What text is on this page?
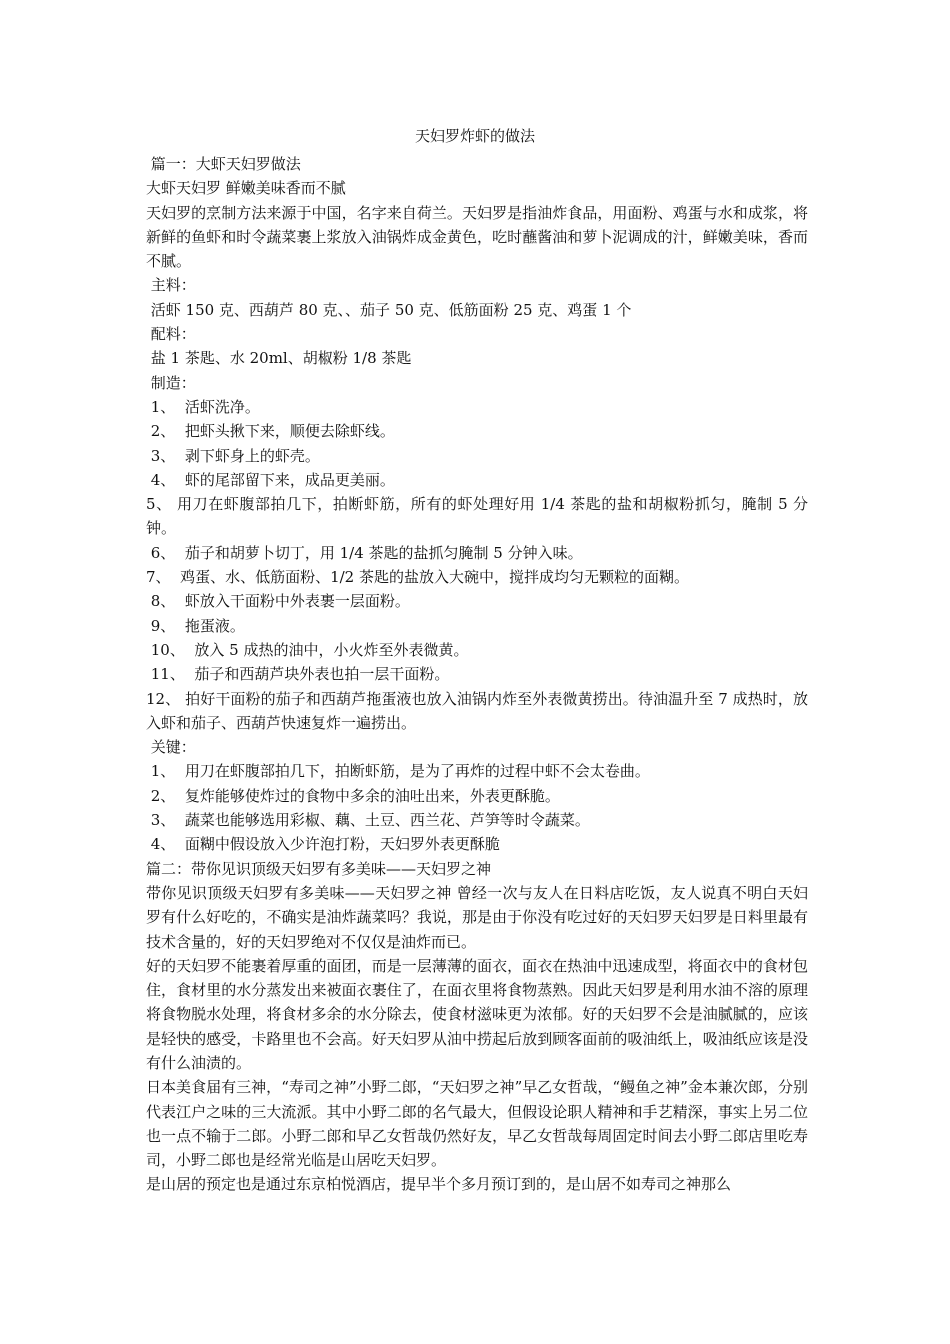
天妇罗炸虾的做法
篇一：大虾天妇罗做法
大虾天妇罗 鲜嫩美味香而不腻
天妇罗的烹制方法来源于中国，名字来自荷兰。天妇罗是指油炸食品，用面粉、鸡蛋与水和成浆，将新鲜的鱼虾和时令蔬菜裹上浆放入油锅炸成金黄色，吃时蘸酱油和萝卜泥调成的汁，鲜嫩美味，香而不腻。
主料：
活虾 150 克、西葫芦 80 克、、茄子 50 克、低筋面粉 25 克、鸡蛋 1 个
配料：
盐 1 茶匙、水 20ml、胡椒粉 1/8 茶匙
制造：
1、  活虾洗净。
2、  把虾头揪下来，顺便去除虾线。
3、  剥下虾身上的虾壳。
4、  虾的尾部留下来，成品更美丽。
5、 用刀在虾腹部拍几下，拍断虾筋，所有的虾处理好用 1/4 茶匙的盐和胡椒粉抓匀，腌制 5 分钟。
6、  茄子和胡萝卜切丁，用 1/4 茶匙的盐抓匀腌制 5 分钟入味。
7、  鸡蛋、水、低筋面粉、1/2 茶匙的盐放入大碗中，搅拌成均匀无颗粒的面糊。
8、  虾放入干面粉中外表裹一层面粉。
9、  拖蛋液。
10、  放入 5 成热的油中，小火炸至外表微黄。
11、  茄子和西葫芦块外表也拍一层干面粉。
12、 拍好干面粉的茄子和西葫芦拖蛋液也放入油锅内炸至外表微黄捞出。待油温升至 7 成热时，放入虾和茄子、西葫芦快速复炸一遍捞出。
关键：
1、  用刀在虾腹部拍几下，拍断虾筋，是为了再炸的过程中虾不会太卷曲。
2、  复炸能够使炸过的食物中多余的油吐出来，外表更酥脆。
3、  蔬菜也能够选用彩椒、藕、土豆、西兰花、芦笋等时令蔬菜。
4、  面糊中假设放入少许泡打粉，天妇罗外表更酥脆
篇二：带你见识顶级天妇罗有多美味——天妇罗之神
带你见识顶级天妇罗有多美味——天妇罗之神 曾经一次与友人在日料店吃饭，友人说真不明白天妇罗有什么好吃的，不确实是油炸蔬菜吗？我说，那是由于你没有吃过好的天妇罗天妇罗是日料里最有技术含量的，好的天妇罗绝对不仅仅是油炸而已。
好的天妇罗不能裹着厚重的面团，而是一层薄薄的面衣，面衣在热油中迅速成型，将面衣中的食材包住，食材里的水分蒸发出来被面衣裹住了，在面衣里将食物蒸熟。因此天妇罗是利用水油不溶的原理将食物脱水处理，将食材多余的水分除去，使食材滋味更为浓郁。好的天妇罗不会是油腻腻的，应该是轻快的感受，卡路里也不会高。好天妇罗从油中捞起后放到顾客面前的吸油纸上，吸油纸应该是没有什么油渍的。
日本美食届有三神，“寿司之神”小野二郎，“天妇罗之神”早乙女哲哉，“鳗鱼之神”金本兼次郎，分别代表江户之味的三大流派。其中小野二郎的名气最大，但假设论职人精神和手艺精深，事实上另二位也一点不输于二郎。小野二郎和早乙女哲哉仍然好友，早乙女哲哉每周固定时间去小野二郎店里吃寿司，小野二郎也是经常光临是山居吃天妇罗。
是山居的预定也是通过东京柏悦酒店，提早半个多月预订到的，是山居不如寿司之神那么
